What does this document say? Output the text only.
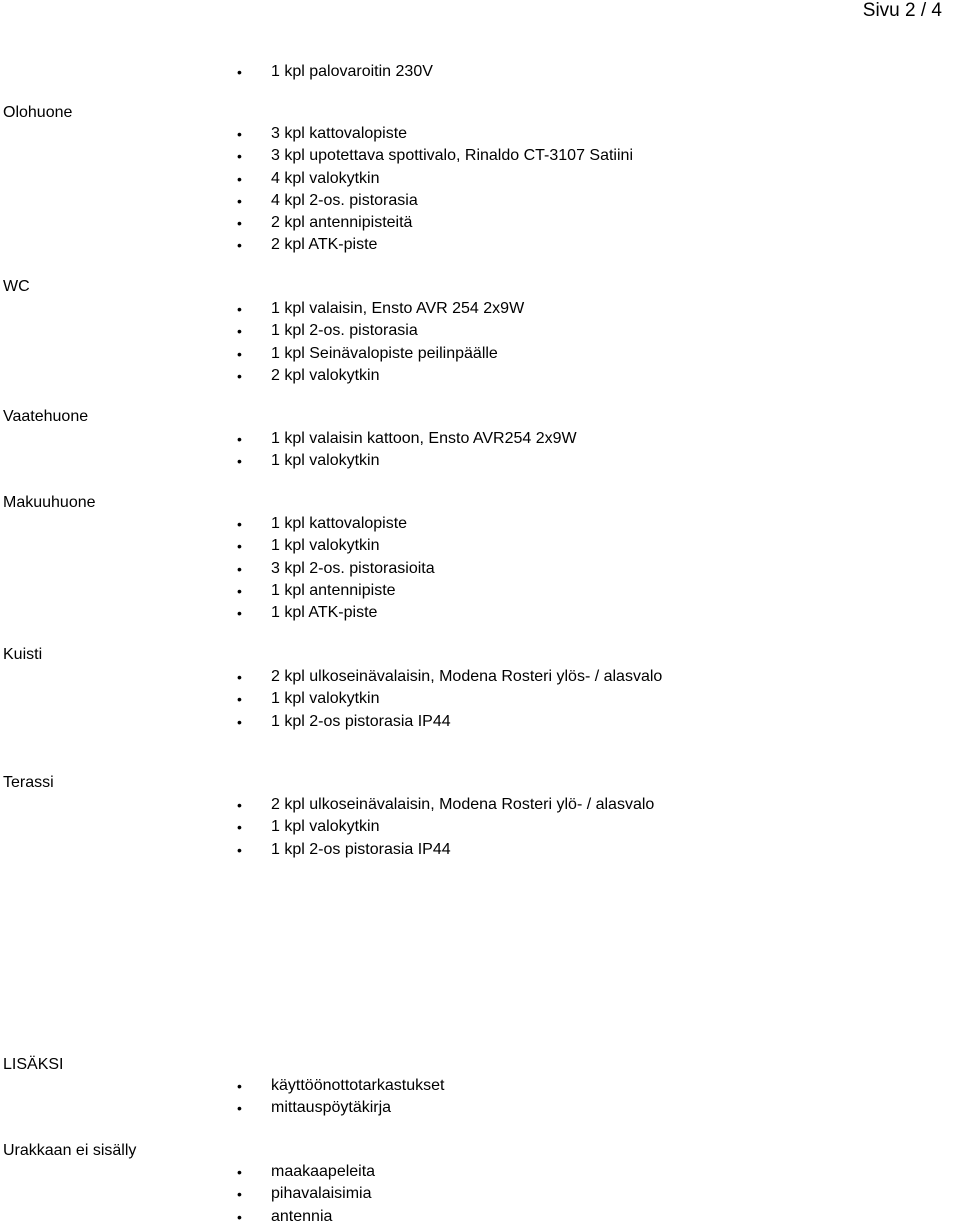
Sivu 2 / 4
Olohuone
WC
Vaatehuone
Makuuhuone
Kuisti
Terassi
LISÄKSI
Urakkaan ei sisälly
• 1 kpl palovaroitin 230V
• 3 kpl kattovalopiste
• 3 kpl upotettava spottivalo, Rinaldo CT-3107 Satiini
• 4 kpl valokytkin
• 4 kpl 2-os. pistorasia
• 2 kpl antennipisteitä
• 2 kpl ATK-piste
• 1 kpl valaisin, Ensto AVR 254 2x9W
• 1 kpl 2-os. pistorasia
• 1 kpl Seinävalopiste peilinpäälle
• 2 kpl valokytkin
• 1 kpl valaisin kattoon, Ensto AVR254 2x9W
• 1 kpl valokytkin
• 1 kpl kattovalopiste
• 1 kpl valokytkin
• 3 kpl 2-os. pistorasioita
• 1 kpl antennipiste
• 1 kpl ATK-piste
• 2 kpl ulkoseinävalaisin, Modena Rosteri ylös- / alasvalo
• 1 kpl valokytkin
• 1 kpl 2-os pistorasia IP44
• 2 kpl ulkoseinävalaisin, Modena Rosteri ylö- / alasvalo
• 1 kpl valokytkin
• 1 kpl 2-os pistorasia IP44
• käyttöönottotarkastukset
• mittauspöytäkirja
• maakaapeleita
• pihavalaisimia
• antennia
